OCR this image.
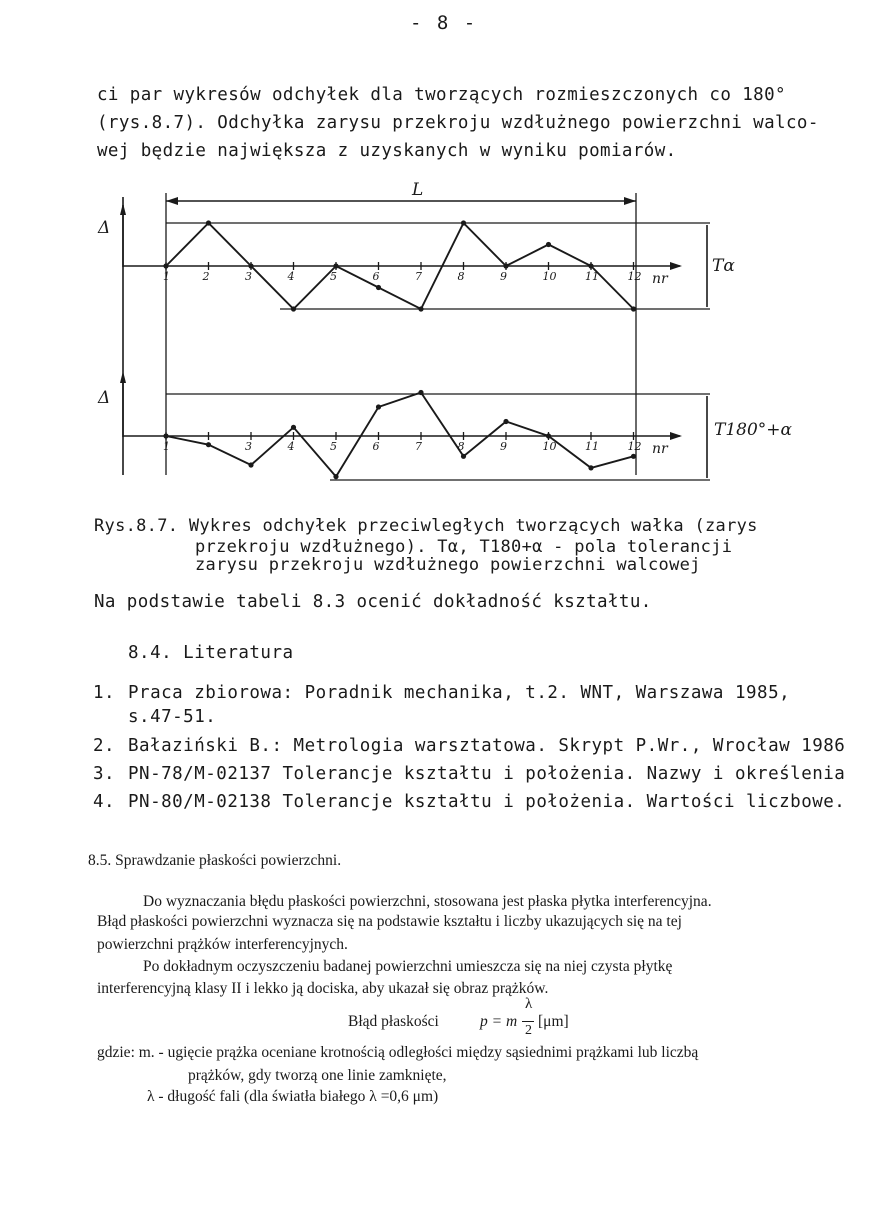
- 8 -
ci par wykresów odchyłek dla tworzących rozmieszczonych co 180°
(rys.8.7). Odchyłka zarysu przekroju wzdłużnego powierzchni walco-
wej będzie największa z uzyskanych w wyniku pomiarów.
L
Δ
nr
Tα
1	2	3	4	5	6	7	8	9	10	11	12
Δ
nr
T180°+α
1	3	4	5	6	7	8	9	10	11	12
Rys.8.7. Wykres odchyłek przeciwległych tworzących wałka (zarys
przekroju wzdłużnego). Tα, T180+α - pola tolerancji
zarysu przekroju wzdłużnego powierzchni walcowej
Na podstawie tabeli 8.3 ocenić dokładność kształtu.
8.4. Literatura
1. Praca zbiorowa: Poradnik mechanika, t.2. WNT, Warszawa 1985,
s.47-51.
2. Bałaziński B.: Metrologia warsztatowa. Skrypt P.Wr., Wrocław 1986
3. PN-78/M-02137 Tolerancje kształtu i położenia. Nazwy i określenia
4. PN-80/M-02138 Tolerancje kształtu i położenia. Wartości liczbowe.
8.5. Sprawdzanie płaskości powierzchni.
Do wyznaczania błędu płaskości powierzchni, stosowana jest płaska płytka interferencyjna.
Błąd płaskości powierzchni wyznacza się na podstawie kształtu i liczby ukazujących się na tej
powierzchni prążków interferencyjnych.
Po dokładnym oczyszczeniu badanej powierzchni umieszcza się na niej czysta płytkę
interferencyjną klasy II i lekko ją dociska, aby ukazał się obraz prążków.
Błąd płaskości	p = m
λ
2
[μm]
gdzie: m. - ugięcie prążka oceniane krotnością odległości między sąsiednimi prążkami lub liczbą
prążków, gdy tworzą one linie zamknięte,
λ - długość fali (dla światła białego λ =0,6 μm)
